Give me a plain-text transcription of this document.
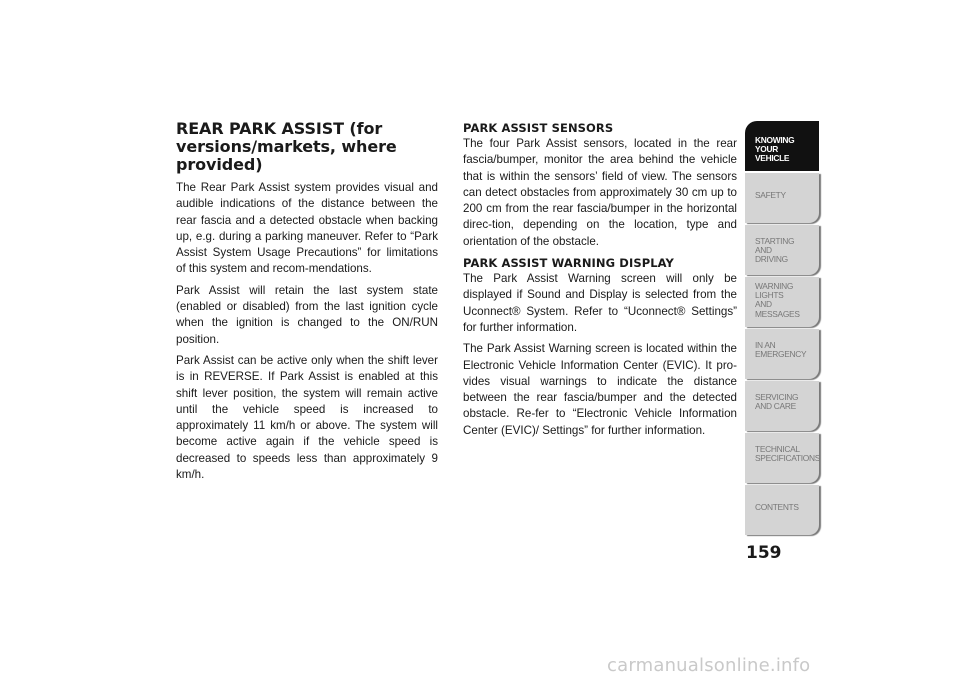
REAR PARK ASSIST (for versions/markets, where provided)

The Rear Park Assist system provides visual and audible indications of the distance between the rear fascia and a detected obstacle when backing up, e.g. during a parking maneuver. Refer to “Park Assist System Usage Precautions” for limitations of this system and recom-mendations.

Park Assist will retain the last system state (enabled or disabled) from the last ignition cycle when the ignition is changed to the ON/RUN position.

Park Assist can be active only when the shift lever is in REVERSE. If Park Assist is enabled at this shift lever position, the system will remain active until the vehicle speed is increased to approximately 11 km/h or above. The system will become active again if the vehicle speed is decreased to speeds less than approximately 9 km/h.

PARK ASSIST SENSORS

The four Park Assist sensors, located in the rear fascia/bumper, monitor the area behind the vehicle that is within the sensors’ field of view. The sensors can detect obstacles from approximately 30 cm up to 200 cm from the rear fascia/bumper in the horizontal direc-tion, depending on the location, type and orientation of the obstacle.

PARK ASSIST WARNING DISPLAY

The Park Assist Warning screen will only be displayed if Sound and Display is selected from the Uconnect® System. Refer to “Uconnect® Settings” for further information.

The Park Assist Warning screen is located within the Electronic Vehicle Information Center (EVIC). It pro-vides visual warnings to indicate the distance between the rear fascia/bumper and the detected obstacle. Re-fer to “Electronic Vehicle Information Center (EVIC)/ Settings” for further information.

KNOWING
YOUR
VEHICLE
SAFETY
STARTING
AND
DRIVING
WARNING
LIGHTS
AND
MESSAGES
IN AN
EMERGENCY
SERVICING
AND CARE
TECHNICAL
SPECIFICATIONS
CONTENTS
159
carmanualsonline.info
